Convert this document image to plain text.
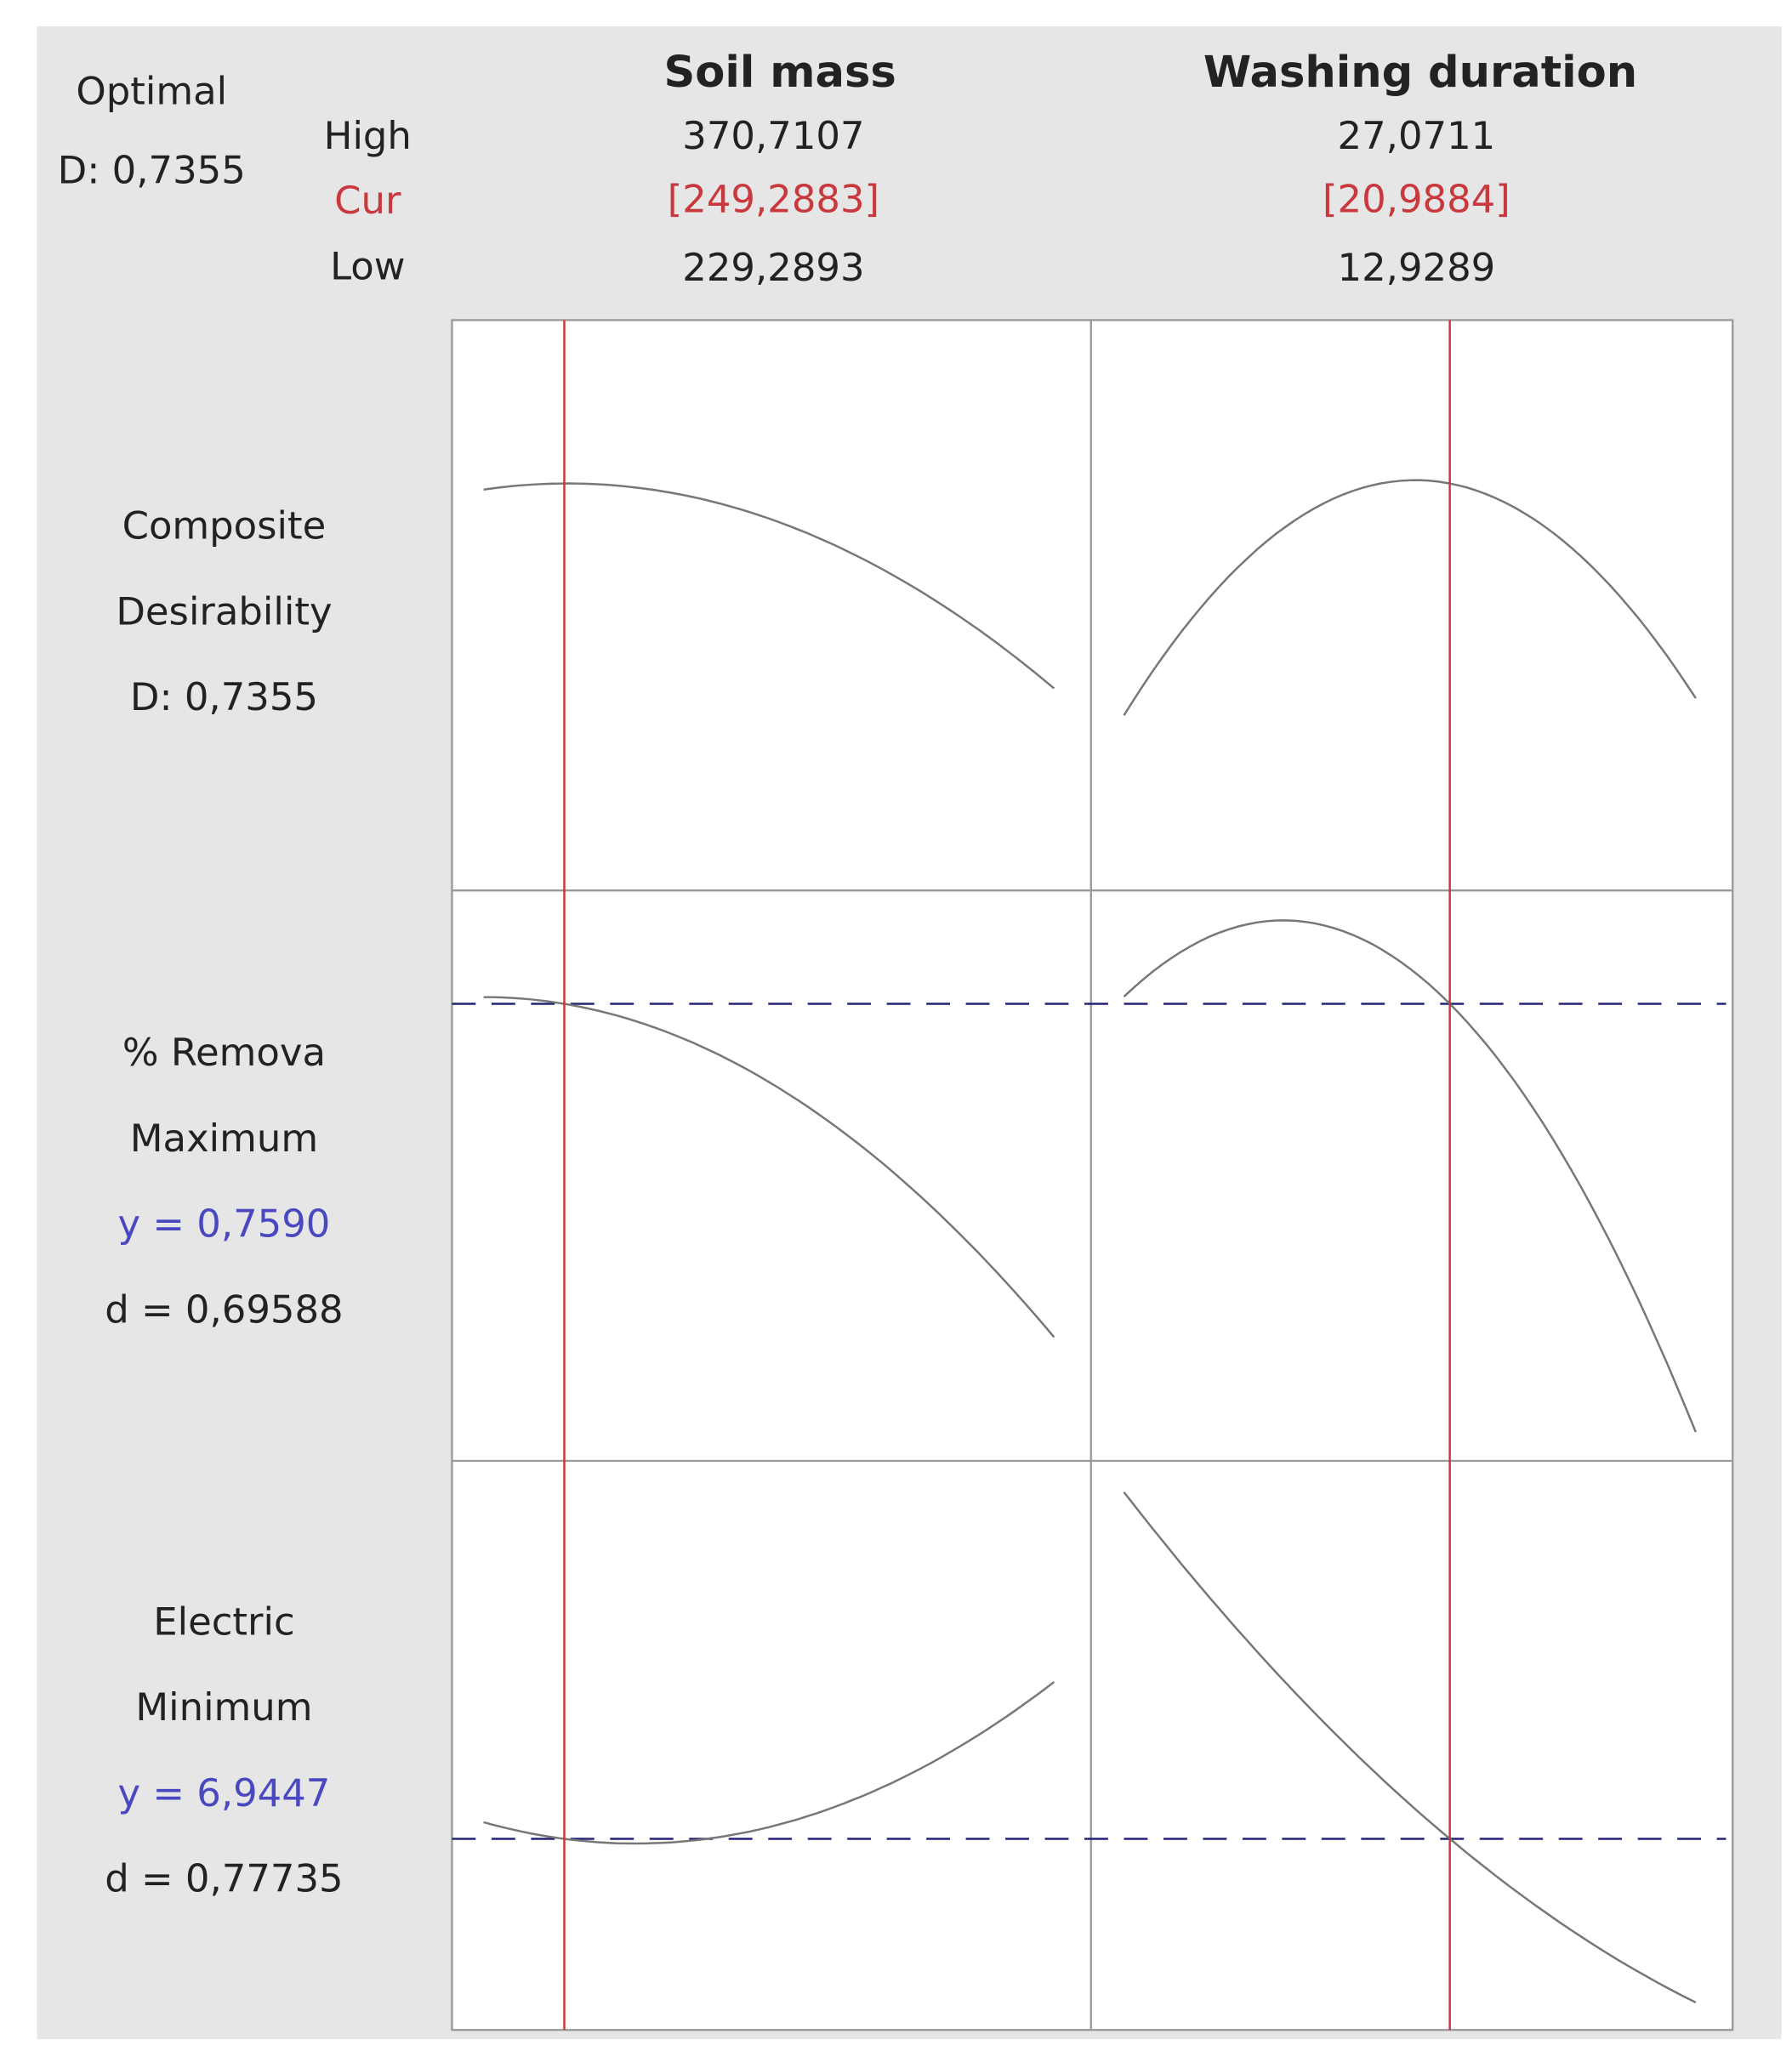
Optimal
D: 0,7355
High
Cur
Low
Soil mass
370,7107
[249,2883]
229,2893
Washing duration
27,0711
[20,9884]
12,9289
Composite
Desirability
D: 0,7355
% Remova
Maximum
y = 0,7590
d = 0,69588
Electric
Minimum
y = 6,9447
d = 0,77735
